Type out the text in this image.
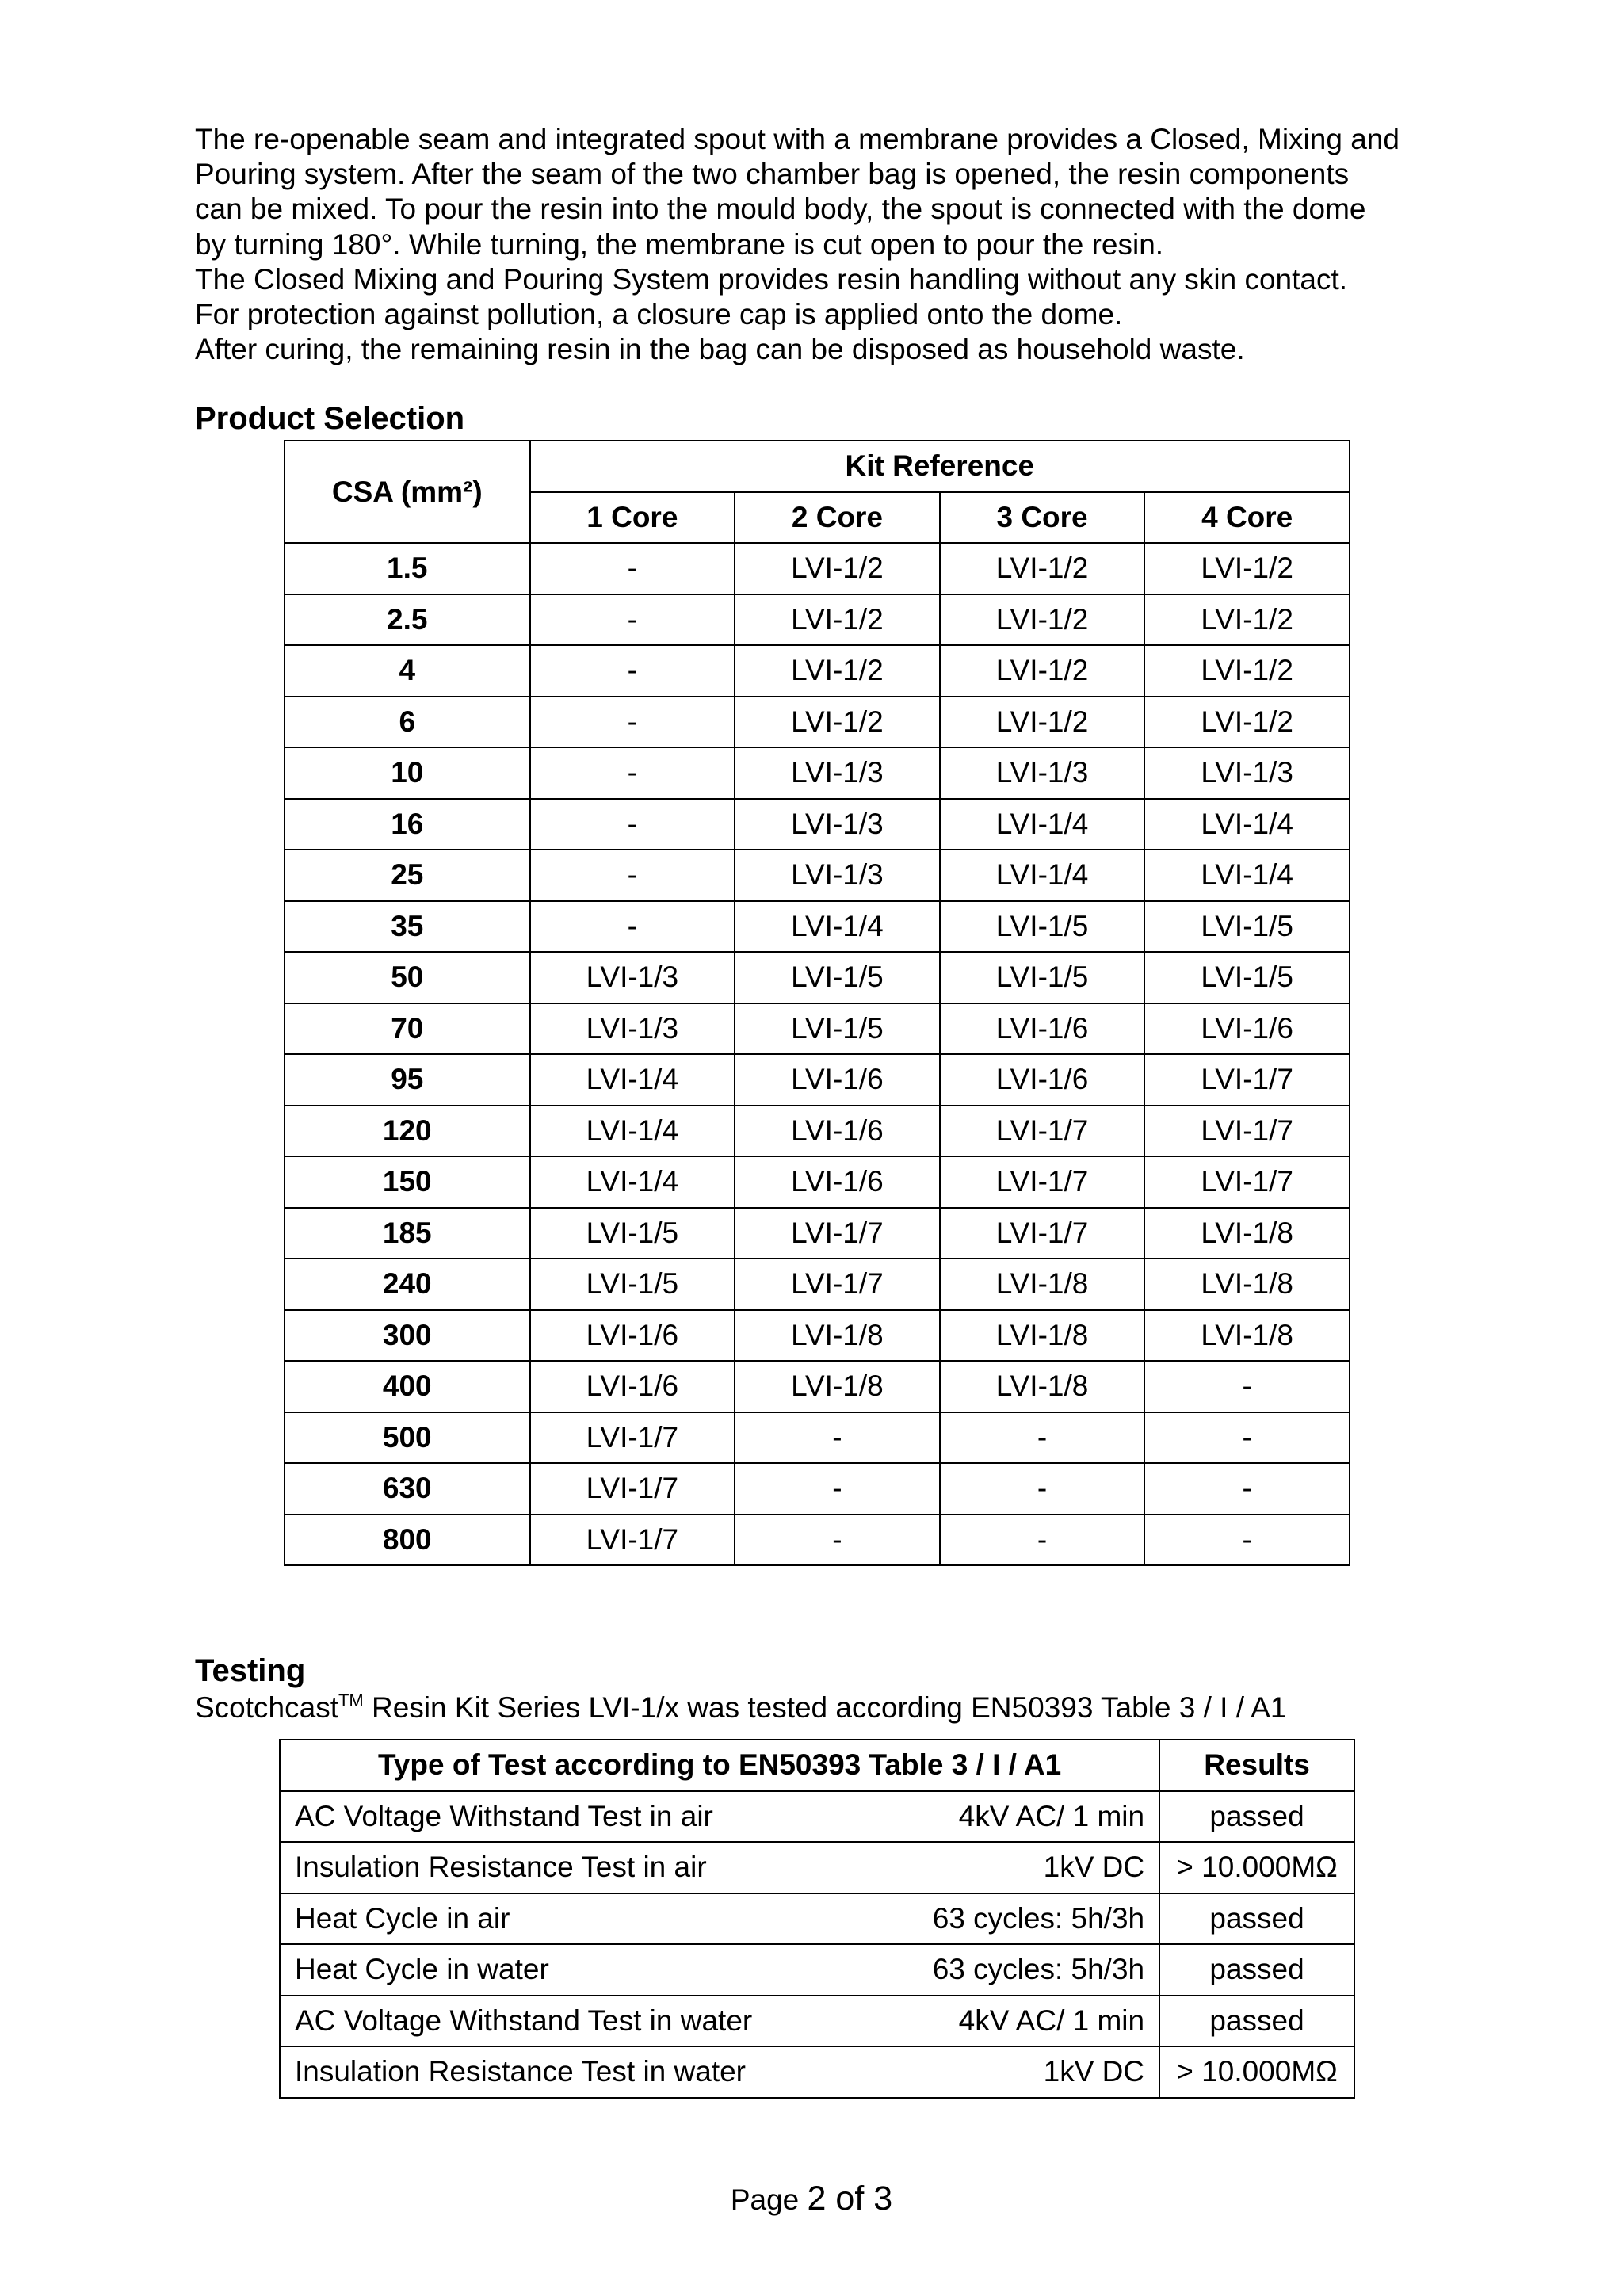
The re-openable seam and integrated spout with a membrane provides a Closed, Mixing and

Pouring system. After the seam of the two chamber bag is opened, the resin components

can be mixed. To pour the resin into the mould body, the spout is connected with the dome

by turning 180°. While turning, the membrane is cut open to pour the resin.

The Closed Mixing and Pouring System provides resin handling without any skin contact.

For protection against pollution, a closure cap is applied onto the dome.

After curing, the remaining resin in the bag can be disposed as household waste.

Product Selection
CSA (mm²)	Kit Reference			
	1 Core	2 Core	3 Core	4 Core
1.5	-	LVI-1/2	LVI-1/2	LVI-1/2
2.5	-	LVI-1/2	LVI-1/2	LVI-1/2
4	-	LVI-1/2	LVI-1/2	LVI-1/2
6	-	LVI-1/2	LVI-1/2	LVI-1/2
10	-	LVI-1/3	LVI-1/3	LVI-1/3
16	-	LVI-1/3	LVI-1/4	LVI-1/4
25	-	LVI-1/3	LVI-1/4	LVI-1/4
35	-	LVI-1/4	LVI-1/5	LVI-1/5
50	LVI-1/3	LVI-1/5	LVI-1/5	LVI-1/5
70	LVI-1/3	LVI-1/5	LVI-1/6	LVI-1/6
95	LVI-1/4	LVI-1/6	LVI-1/6	LVI-1/7
120	LVI-1/4	LVI-1/6	LVI-1/7	LVI-1/7
150	LVI-1/4	LVI-1/6	LVI-1/7	LVI-1/7
185	LVI-1/5	LVI-1/7	LVI-1/7	LVI-1/8
240	LVI-1/5	LVI-1/7	LVI-1/8	LVI-1/8
300	LVI-1/6	LVI-1/8	LVI-1/8	LVI-1/8
400	LVI-1/6	LVI-1/8	LVI-1/8	-
500	LVI-1/7	-	-	-
630	LVI-1/7	-	-	-
800	LVI-1/7	-	-	-
Testing
Scotchcast™ Resin Kit Series LVI-1/x was tested according EN50393 Table 3 / I / A1
Type of Test according to EN50393 Table 3 / I / A1		Results
AC Voltage Withstand Test in air	4kV AC/ 1 min	passed
Insulation Resistance Test in air	1kV DC	> 10.000MΩ
Heat Cycle in air	63 cycles: 5h/3h	passed
Heat Cycle in water	63 cycles: 5h/3h	passed
AC Voltage Withstand Test in water	4kV AC/ 1 min	passed
Insulation Resistance Test in water	1kV DC	> 10.000MΩ
Page 2 of 3
